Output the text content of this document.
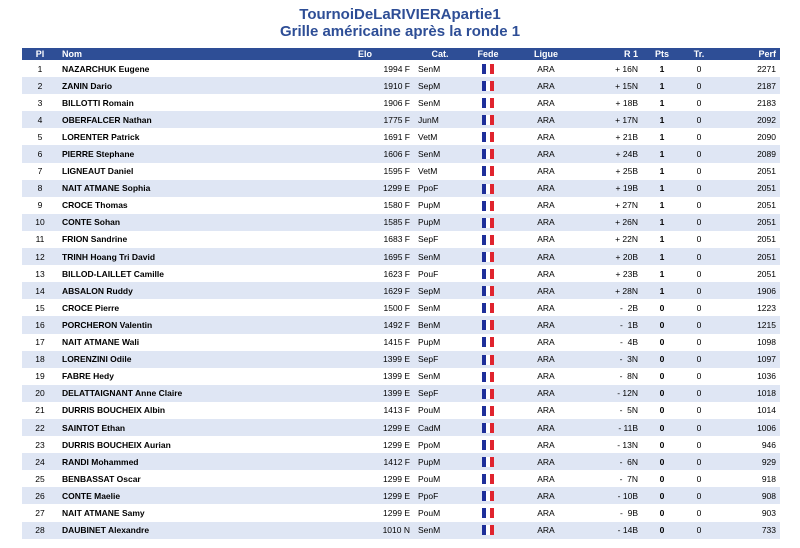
TournoiDeLaRIVIERApartie1
Grille américaine après la ronde 1
Pl	Nom	Elo	Cat.	Fede	Ligue	R 1	Pts	Tr.	Perf
1	NAZARCHUK Eugene	1994 F	SenM		ARA	+ 16N	1	0	2271
2	ZANIN Dario	1910 F	SepM		ARA	+ 15N	1	0	2187
3	BILLOTTI Romain	1906 F	SenM		ARA	+ 18B	1	0	2183
4	OBERFALCER Nathan	1775 F	JunM		ARA	+ 17N	1	0	2092
5	LORENTER Patrick	1691 F	VetM		ARA	+ 21B	1	0	2090
6	PIERRE Stephane	1606 F	SenM		ARA	+ 24B	1	0	2089
7	LIGNEAUT Daniel	1595 F	VetM		ARA	+ 25B	1	0	2051
8	NAIT ATMANE Sophia	1299 E	PpoF		ARA	+ 19B	1	0	2051
9	CROCE Thomas	1580 F	PupM		ARA	+ 27N	1	0	2051
10	CONTE Sohan	1585 F	PupM		ARA	+ 26N	1	0	2051
11	FRION Sandrine	1683 F	SepF		ARA	+ 22N	1	0	2051
12	TRINH Hoang Tri David	1695 F	SenM		ARA	+ 20B	1	0	2051
13	BILLOD-LAILLET Camille	1623 F	PouF		ARA	+ 23B	1	0	2051
14	ABSALON Ruddy	1629 F	SepM		ARA	+ 28N	1	0	1906
15	CROCE Pierre	1500 F	SenM		ARA	-  2B	0	0	1223
16	PORCHERON Valentin	1492 F	BenM		ARA	-  1B	0	0	1215
17	NAIT ATMANE Wali	1415 F	PupM		ARA	-  4B	0	0	1098
18	LORENZINI Odile	1399 E	SepF		ARA	-  3N	0	0	1097
19	FABRE Hedy	1399 E	SenM		ARA	-  8N	0	0	1036
20	DELATTAIGNANT Anne Claire	1399 E	SepF		ARA	- 12N	0	0	1018
21	DURRIS BOUCHEIX Albin	1413 F	PouM		ARA	-  5N	0	0	1014
22	SAINTOT Ethan	1299 E	CadM		ARA	- 11B	0	0	1006
23	DURRIS BOUCHEIX Aurian	1299 E	PpoM		ARA	- 13N	0	0	946
24	RANDI Mohammed	1412 F	PupM		ARA	-  6N	0	0	929
25	BENBASSAT Oscar	1299 E	PouM		ARA	-  7N	0	0	918
26	CONTE Maelie	1299 E	PpoF		ARA	- 10B	0	0	908
27	NAIT ATMANE Samy	1299 E	PouM		ARA	-  9B	0	0	903
28	DAUBINET Alexandre	1010 N	SenM		ARA	- 14B	0	0	733
